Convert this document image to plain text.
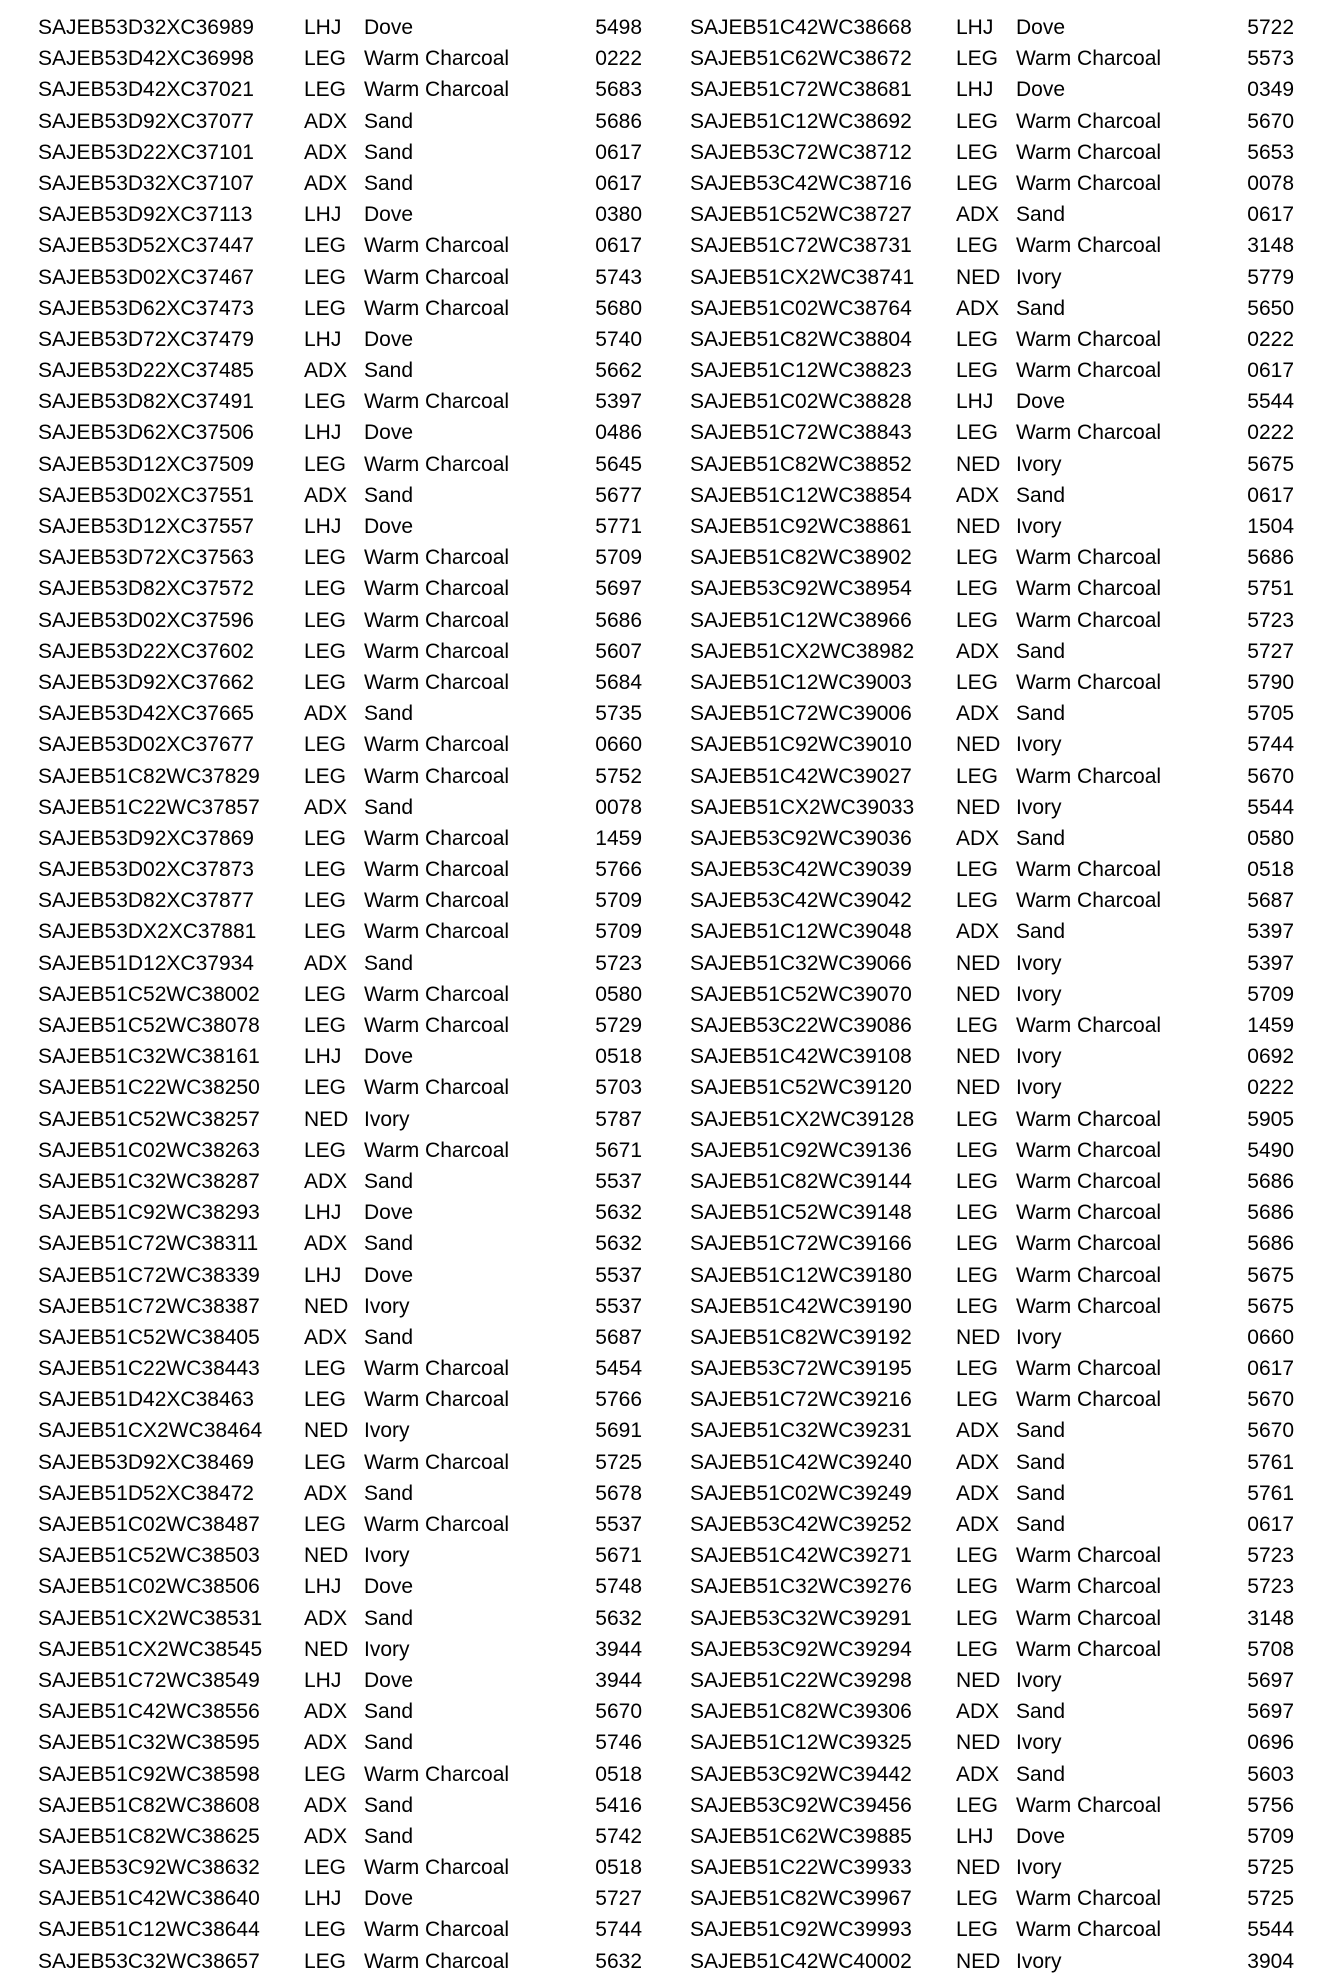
SAJEB53D32XC36989 LHJ Dove	5498
SAJEB53D42XC36998 LEG Warm Charcoal	0222
SAJEB53D42XC37021 LEG Warm Charcoal	5683
SAJEB53D92XC37077 ADX Sand	5686
SAJEB53D22XC37101 ADX Sand	0617
SAJEB53D32XC37107 ADX Sand	0617
SAJEB53D92XC37113 LHJ Dove	0380
SAJEB53D52XC37447 LEG Warm Charcoal	0617
SAJEB53D02XC37467 LEG Warm Charcoal	5743
SAJEB53D62XC37473 LEG Warm Charcoal	5680
SAJEB53D72XC37479 LHJ Dove	5740
SAJEB53D22XC37485 ADX Sand	5662
SAJEB53D82XC37491 LEG Warm Charcoal	5397
SAJEB53D62XC37506 LHJ Dove	0486
SAJEB53D12XC37509 LEG Warm Charcoal	5645
SAJEB53D02XC37551 ADX Sand	5677
SAJEB53D12XC37557 LHJ Dove	5771
SAJEB53D72XC37563 LEG Warm Charcoal	5709
SAJEB53D82XC37572 LEG Warm Charcoal	5697
SAJEB53D02XC37596 LEG Warm Charcoal	5686
SAJEB53D22XC37602 LEG Warm Charcoal	5607
SAJEB53D92XC37662 LEG Warm Charcoal	5684
SAJEB53D42XC37665 ADX Sand	5735
SAJEB53D02XC37677 LEG Warm Charcoal	0660
SAJEB51C82WC37829 LEG Warm Charcoal	5752
SAJEB51C22WC37857 ADX Sand	0078
SAJEB53D92XC37869 LEG Warm Charcoal	1459
SAJEB53D02XC37873 LEG Warm Charcoal	5766
SAJEB53D82XC37877 LEG Warm Charcoal	5709
SAJEB53DX2XC37881 LEG Warm Charcoal	5709
SAJEB51D12XC37934 ADX Sand	5723
SAJEB51C52WC38002 LEG Warm Charcoal	0580
SAJEB51C52WC38078 LEG Warm Charcoal	5729
SAJEB51C32WC38161 LHJ Dove	0518
SAJEB51C22WC38250 LEG Warm Charcoal	5703
SAJEB51C52WC38257 NED Ivory	5787
SAJEB51C02WC38263 LEG Warm Charcoal	5671
SAJEB51C32WC38287 ADX Sand	5537
SAJEB51C92WC38293 LHJ Dove	5632
SAJEB51C72WC38311 ADX Sand	5632
SAJEB51C72WC38339 LHJ Dove	5537
SAJEB51C72WC38387 NED Ivory	5537
SAJEB51C52WC38405 ADX Sand	5687
SAJEB51C22WC38443 LEG Warm Charcoal	5454
SAJEB51D42XC38463 LEG Warm Charcoal	5766
SAJEB51CX2WC38464 NED Ivory	5691
SAJEB53D92XC38469 LEG Warm Charcoal	5725
SAJEB51D52XC38472 ADX Sand	5678
SAJEB51C02WC38487 LEG Warm Charcoal	5537
SAJEB51C52WC38503 NED Ivory	5671
SAJEB51C02WC38506 LHJ Dove	5748
SAJEB51CX2WC38531 ADX Sand	5632
SAJEB51CX2WC38545 NED Ivory	3944
SAJEB51C72WC38549 LHJ Dove	3944
SAJEB51C42WC38556 ADX Sand	5670
SAJEB51C32WC38595 ADX Sand	5746
SAJEB51C92WC38598 LEG Warm Charcoal	0518
SAJEB51C82WC38608 ADX Sand	5416
SAJEB51C82WC38625 ADX Sand	5742
SAJEB53C92WC38632 LEG Warm Charcoal	0518
SAJEB51C42WC38640 LHJ Dove	5727
SAJEB51C12WC38644 LEG Warm Charcoal	5744
SAJEB53C32WC38657 LEG Warm Charcoal	5632
SAJEB51C42WC38668 LHJ Dove	5722
SAJEB51C62WC38672 LEG Warm Charcoal	5573
SAJEB51C72WC38681 LHJ Dove	0349
SAJEB51C12WC38692 LEG Warm Charcoal	5670
SAJEB53C72WC38712 LEG Warm Charcoal	5653
SAJEB53C42WC38716 LEG Warm Charcoal	0078
SAJEB51C52WC38727 ADX Sand	0617
SAJEB51C72WC38731 LEG Warm Charcoal	3148
SAJEB51CX2WC38741 NED Ivory	5779
SAJEB51C02WC38764 ADX Sand	5650
SAJEB51C82WC38804 LEG Warm Charcoal	0222
SAJEB51C12WC38823 LEG Warm Charcoal	0617
SAJEB51C02WC38828 LHJ Dove	5544
SAJEB51C72WC38843 LEG Warm Charcoal	0222
SAJEB51C82WC38852 NED Ivory	5675
SAJEB51C12WC38854 ADX Sand	0617
SAJEB51C92WC38861 NED Ivory	1504
SAJEB51C82WC38902 LEG Warm Charcoal	5686
SAJEB53C92WC38954 LEG Warm Charcoal	5751
SAJEB51C12WC38966 LEG Warm Charcoal	5723
SAJEB51CX2WC38982 ADX Sand	5727
SAJEB51C12WC39003 LEG Warm Charcoal	5790
SAJEB51C72WC39006 ADX Sand	5705
SAJEB51C92WC39010 NED Ivory	5744
SAJEB51C42WC39027 LEG Warm Charcoal	5670
SAJEB51CX2WC39033 NED Ivory	5544
SAJEB53C92WC39036 ADX Sand	0580
SAJEB53C42WC39039 LEG Warm Charcoal	0518
SAJEB53C42WC39042 LEG Warm Charcoal	5687
SAJEB51C12WC39048 ADX Sand	5397
SAJEB51C32WC39066 NED Ivory	5397
SAJEB51C52WC39070 NED Ivory	5709
SAJEB53C22WC39086 LEG Warm Charcoal	1459
SAJEB51C42WC39108 NED Ivory	0692
SAJEB51C52WC39120 NED Ivory	0222
SAJEB51CX2WC39128 LEG Warm Charcoal	5905
SAJEB51C92WC39136 LEG Warm Charcoal	5490
SAJEB51C82WC39144 LEG Warm Charcoal	5686
SAJEB51C52WC39148 LEG Warm Charcoal	5686
SAJEB51C72WC39166 LEG Warm Charcoal	5686
SAJEB51C12WC39180 LEG Warm Charcoal	5675
SAJEB51C42WC39190 LEG Warm Charcoal	5675
SAJEB51C82WC39192 NED Ivory	0660
SAJEB53C72WC39195 LEG Warm Charcoal	0617
SAJEB51C72WC39216 LEG Warm Charcoal	5670
SAJEB51C32WC39231 ADX Sand	5670
SAJEB51C42WC39240 ADX Sand	5761
SAJEB51C02WC39249 ADX Sand	5761
SAJEB53C42WC39252 ADX Sand	0617
SAJEB51C42WC39271 LEG Warm Charcoal	5723
SAJEB51C32WC39276 LEG Warm Charcoal	5723
SAJEB53C32WC39291 LEG Warm Charcoal	3148
SAJEB53C92WC39294 LEG Warm Charcoal	5708
SAJEB51C22WC39298 NED Ivory	5697
SAJEB51C82WC39306 ADX Sand	5697
SAJEB51C12WC39325 NED Ivory	0696
SAJEB53C92WC39442 ADX Sand	5603
SAJEB53C92WC39456 LEG Warm Charcoal	5756
SAJEB51C62WC39885 LHJ Dove	5709
SAJEB51C22WC39933 NED Ivory	5725
SAJEB51C82WC39967 LEG Warm Charcoal	5725
SAJEB51C92WC39993 LEG Warm Charcoal	5544
SAJEB51C42WC40002 NED Ivory	3904
